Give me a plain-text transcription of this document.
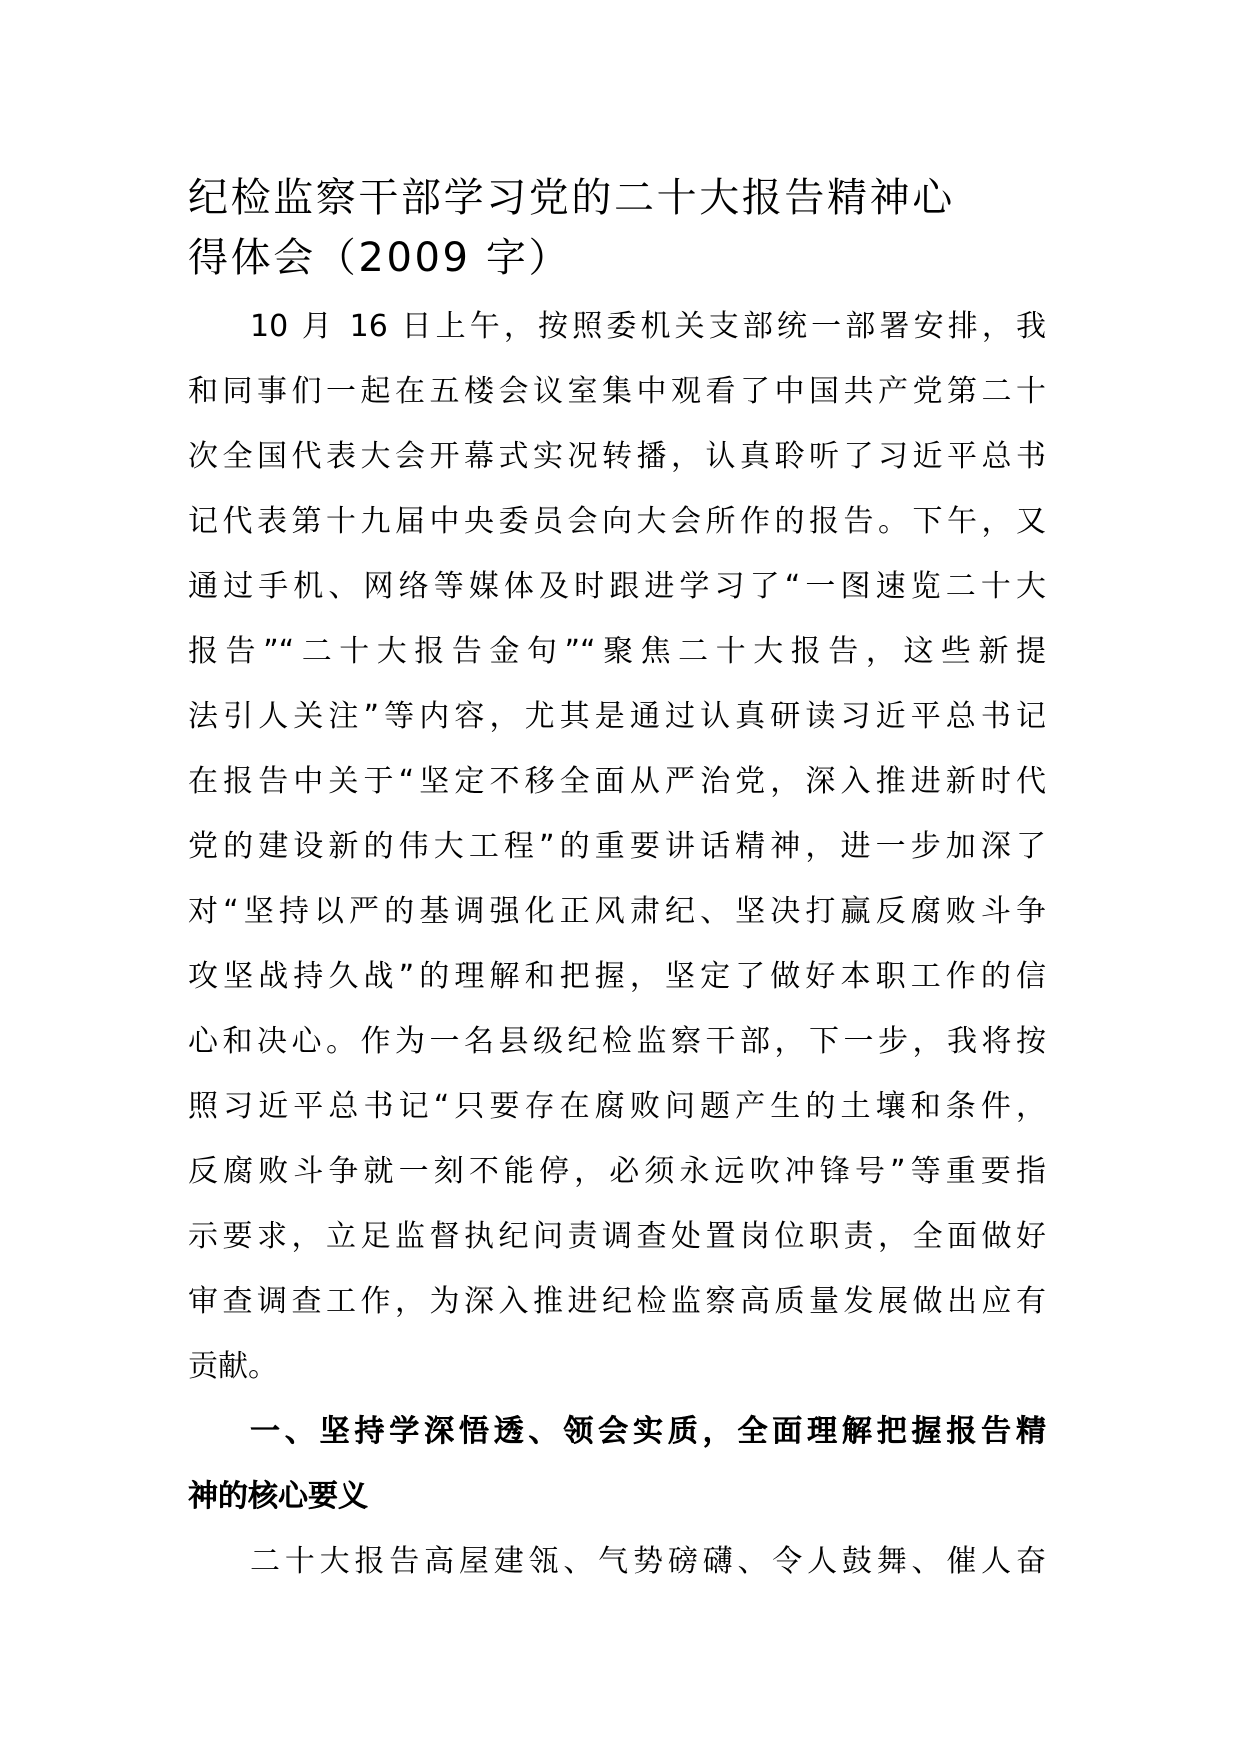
纪检监察干部学习党的二十大报告精神心
得体会（2009 字）
10 月 16 日上午，按照委机关支部统一部署安排，我
和同事们一起在五楼会议室集中观看了中国共产党第二十
次全国代表大会开幕式实况转播，认真聆听了习近平总书
记代表第十九届中央委员会向大会所作的报告。下午，又
通过手机、网络等媒体及时跟进学习了“一图速览二十大
报告”“二十大报告金句”“聚焦二十大报告，这些新提
法引人关注”等内容，尤其是通过认真研读习近平总书记
在报告中关于“坚定不移全面从严治党，深入推进新时代
党的建设新的伟大工程”的重要讲话精神，进一步加深了
对“坚持以严的基调强化正风肃纪、坚决打赢反腐败斗争
攻坚战持久战”的理解和把握，坚定了做好本职工作的信
心和决心。作为一名县级纪检监察干部，下一步，我将按
照习近平总书记“只要存在腐败问题产生的土壤和条件，
反腐败斗争就一刻不能停，必须永远吹冲锋号”等重要指
示要求，立足监督执纪问责调查处置岗位职责，全面做好
审查调查工作，为深入推进纪检监察高质量发展做出应有
贡献。
一、坚持学深悟透、领会实质，全面理解把握报告精
神的核心要义
二十大报告高屋建瓴、气势磅礴、令人鼓舞、催人奋
